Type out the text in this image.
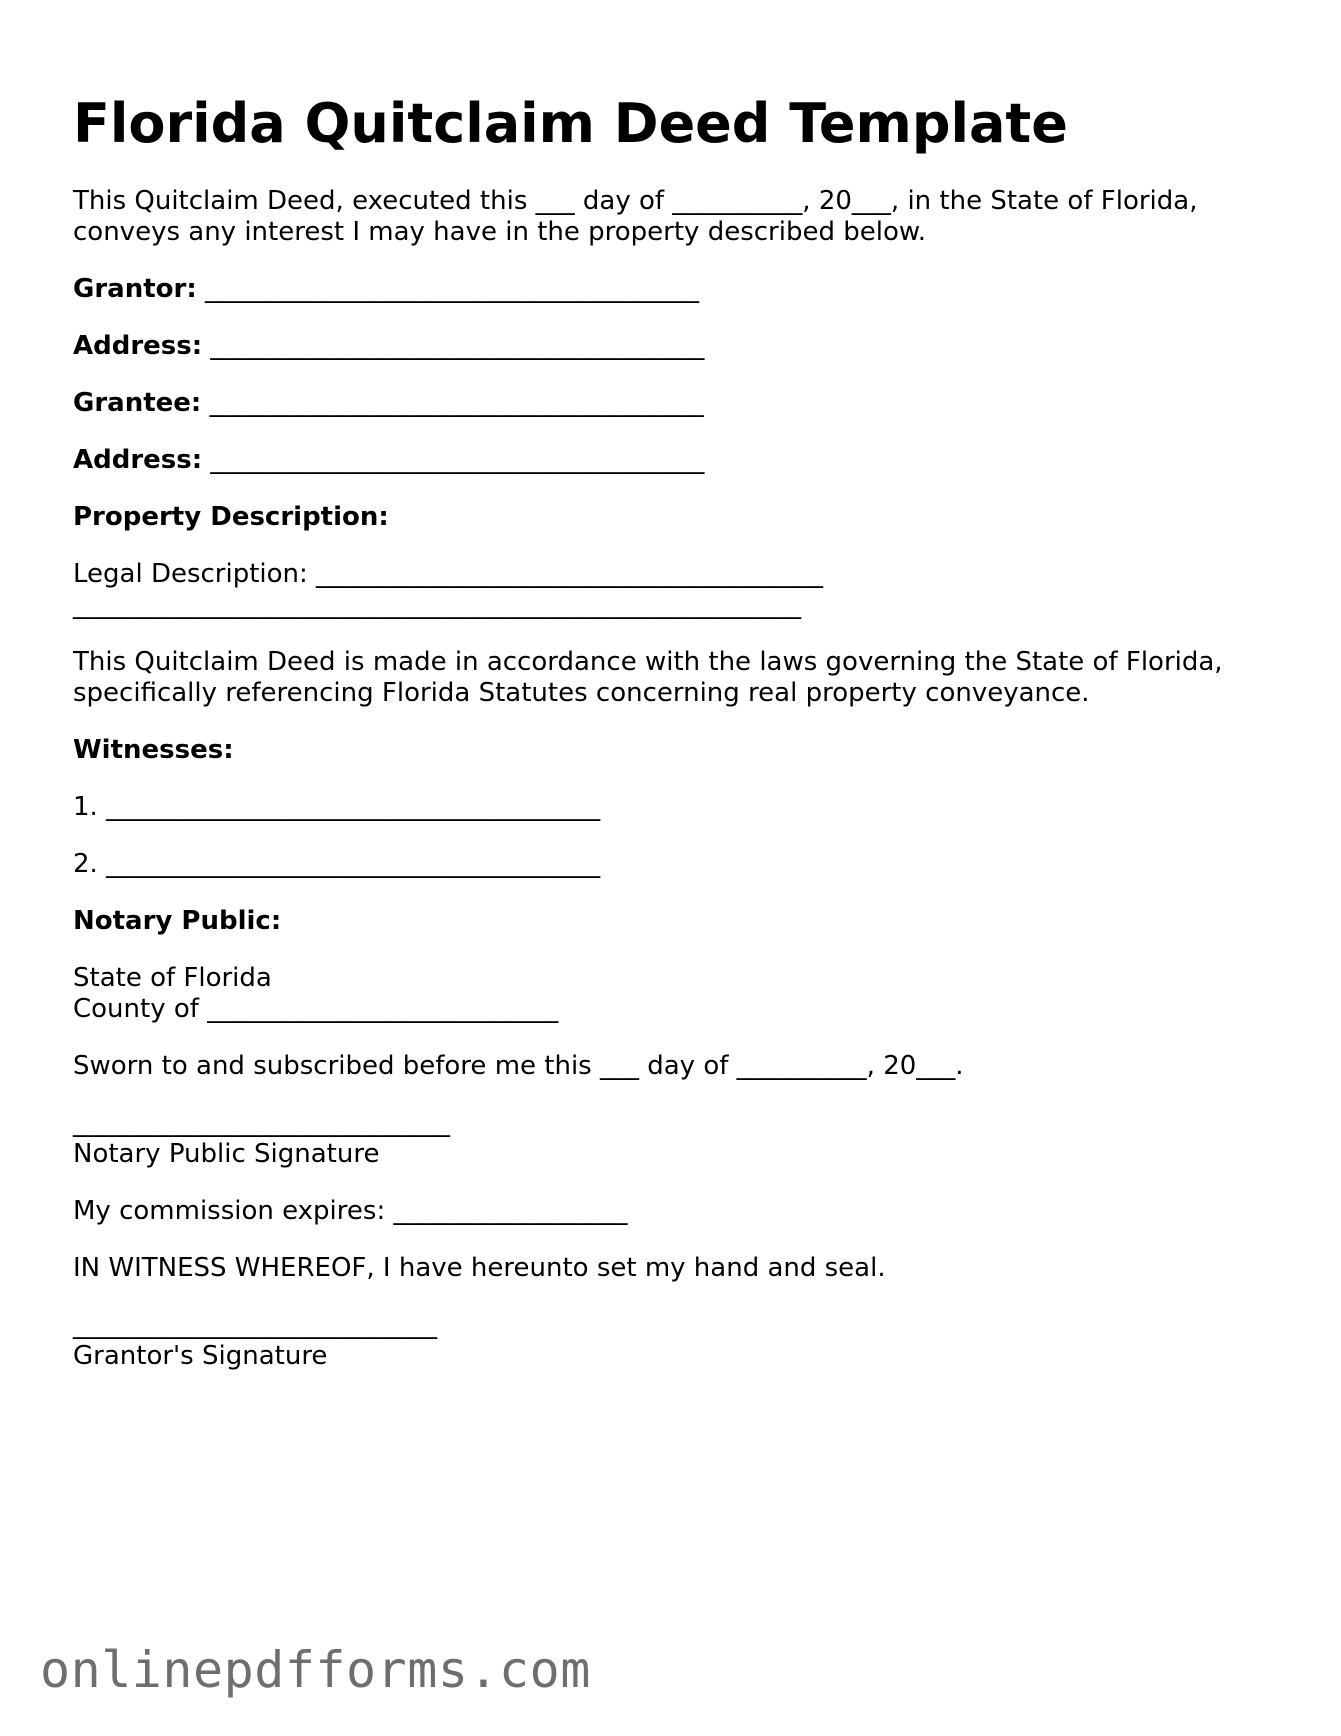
Florida Quitclaim Deed Template
This Quitclaim Deed, executed this ___ day of __________, 20___, in the State of Florida,
conveys any interest I may have in the property described below.
Grantor: ______________________________________
Address: ______________________________________
Grantee: ______________________________________
Address: ______________________________________
Property Description:
Legal Description: _______________________________________
________________________________________________________
This Quitclaim Deed is made in accordance with the laws governing the State of Florida,
specifically referencing Florida Statutes concerning real property conveyance.
Witnesses:
1. ______________________________________
2. ______________________________________
Notary Public:
State of Florida
County of ___________________________
Sworn to and subscribed before me this ___ day of __________, 20___.
_____________________________
Notary Public Signature
My commission expires: __________________
IN WITNESS WHEREOF, I have hereunto set my hand and seal.
____________________________
Grantor's Signature
onlinepdfforms.com
